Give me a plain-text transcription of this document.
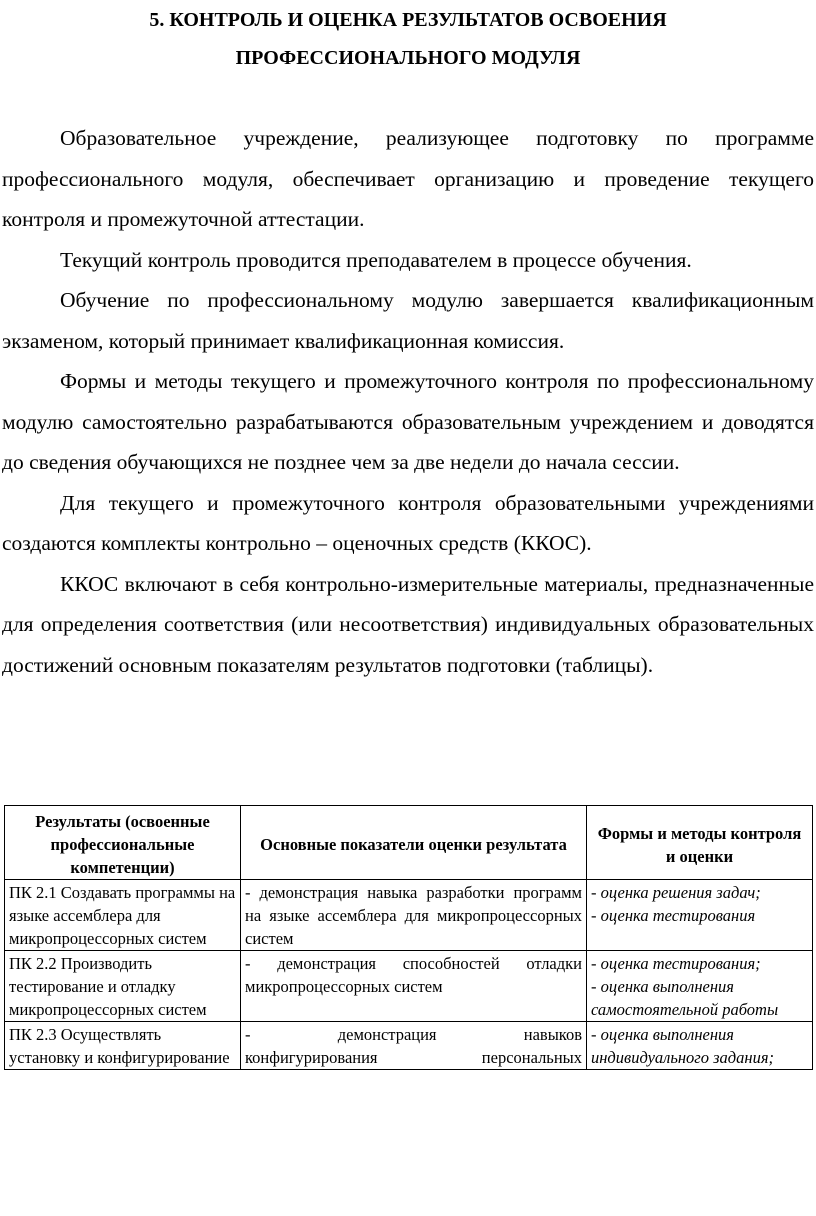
5. КОНТРОЛЬ И ОЦЕНКА РЕЗУЛЬТАТОВ ОСВОЕНИЯ
ПРОФЕССИОНАЛЬНОГО МОДУЛЯ

Образовательное учреждение, реализующее подготовку по программе профессионального модуля, обеспечивает организацию и проведение текущего контроля и промежуточной аттестации.

Текущий контроль проводится преподавателем в процессе обучения.

Обучение по профессиональному модулю завершается квалификационным экзаменом, который принимает квалификационная комиссия.

Формы и методы текущего и промежуточного контроля по профессиональному модулю самостоятельно разрабатываются образовательным учреждением и доводятся до сведения обучающихся не позднее чем за две недели до начала сессии.

Для текущего и промежуточного контроля образовательными учреждениями создаются комплекты контрольно – оценочных средств (ККОС).

ККОС включают в себя контрольно-измерительные материалы, предназначенные для определения соответствия (или несоответствия) индивидуальных образовательных достижений основным показателям результатов подготовки (таблицы).

Результаты (освоенные профессиональные компетенции)	Основные показатели оценки результата	Формы и методы контроля и оценки
ПК 2.1 Создавать программы на языке ассемблера для микропроцессорных систем	- демонстрация навыка разработки программ на языке ассемблера для микропроцессорных систем	- оценка решения задач;
- оценка тестирования

ПК 2.2 Производить тестирование и отладку микропроцессорных систем	- демонстрация способностей отладки микропроцессорных систем	- оценка тестирования;
- оценка выполнения самостоятельной работы

ПК 2.3 Осуществлять установку и конфигурирование	- демонстрация навыков
конфигурирования персональных	- оценка выполнения индивидуального задания;
